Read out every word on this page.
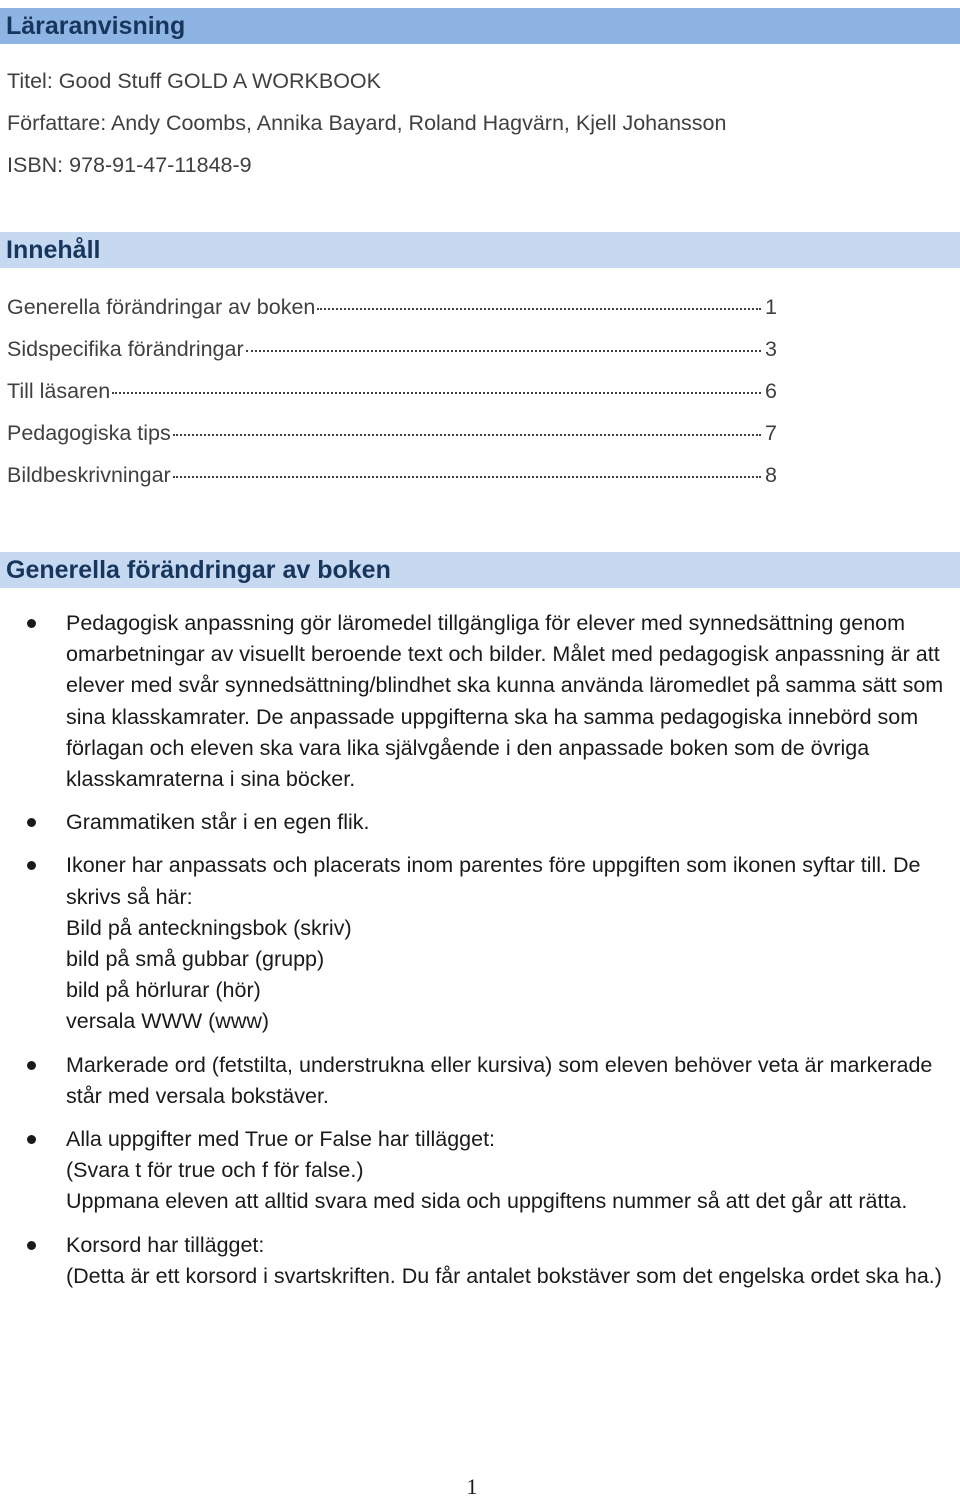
Läraranvisning
Titel: Good Stuff GOLD A WORKBOOK
Författare: Andy Coombs, Annika Bayard, Roland Hagvärn, Kjell Johansson
ISBN: 978-91-47-11848-9
Innehåll
Generella förändringar av boken	1
Sidspecifika förändringar	3
Till läsaren	6
Pedagogiska tips	7
Bildbeskrivningar	8
Generella förändringar av boken
Pedagogisk anpassning gör läromedel tillgängliga för elever med synnedsättning genom omarbetningar av visuellt beroende text och bilder. Målet med pedagogisk anpassning är att elever med svår synnedsättning/blindhet ska kunna använda läromedlet på samma sätt som sina klasskamrater. De anpassade uppgifterna ska ha samma pedagogiska innebörd som förlagan och eleven ska vara lika självgående i den anpassade boken som de övriga klasskamraterna i sina böcker.
Grammatiken står i en egen flik.
Ikoner har anpassats och placerats inom parentes före uppgiften som ikonen syftar till. De skrivs så här:
Bild på anteckningsbok (skriv)
bild på små gubbar (grupp)
bild på hörlurar (hör)
versala WWW (www)
Markerade ord (fetstilta, understrukna eller kursiva) som eleven behöver veta är markerade står med versala bokstäver.
Alla uppgifter med True or False har tillägget:
(Svara t för true och f för false.)
Uppmana eleven att alltid svara med sida och uppgiftens nummer så att det går att rätta.
Korsord har tillägget:
(Detta är ett korsord i svartskriften. Du får antalet bokstäver som det engelska ordet ska ha.)
1
